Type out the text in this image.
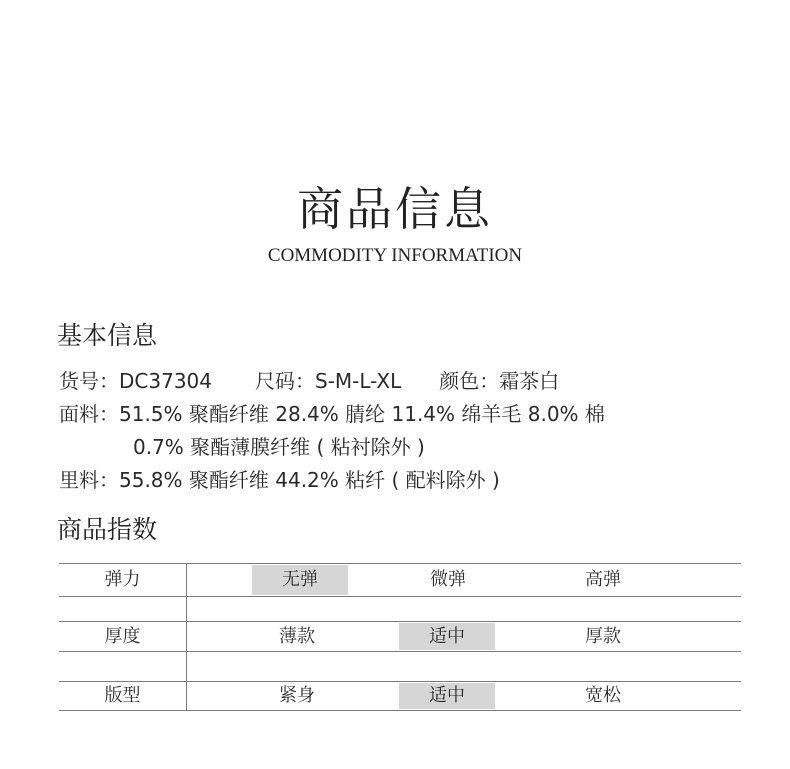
商品信息
COMMODITY INFORMATION
基本信息
货号：DC37304 尺码：S-M-L-XL 颜色：霜茶白
面料：51.5% 聚酯纤维 28.4% 腈纶 11.4% 绵羊毛 8.0% 棉
0.7% 聚酯薄膜纤维 ( 粘衬除外 )
里料：55.8% 聚酯纤维 44.2% 粘纤 ( 配料除外 )
商品指数
弹力	无弹	微弹	高弹
厚度	薄款	适中	厚款
版型	紧身	适中	宽松
